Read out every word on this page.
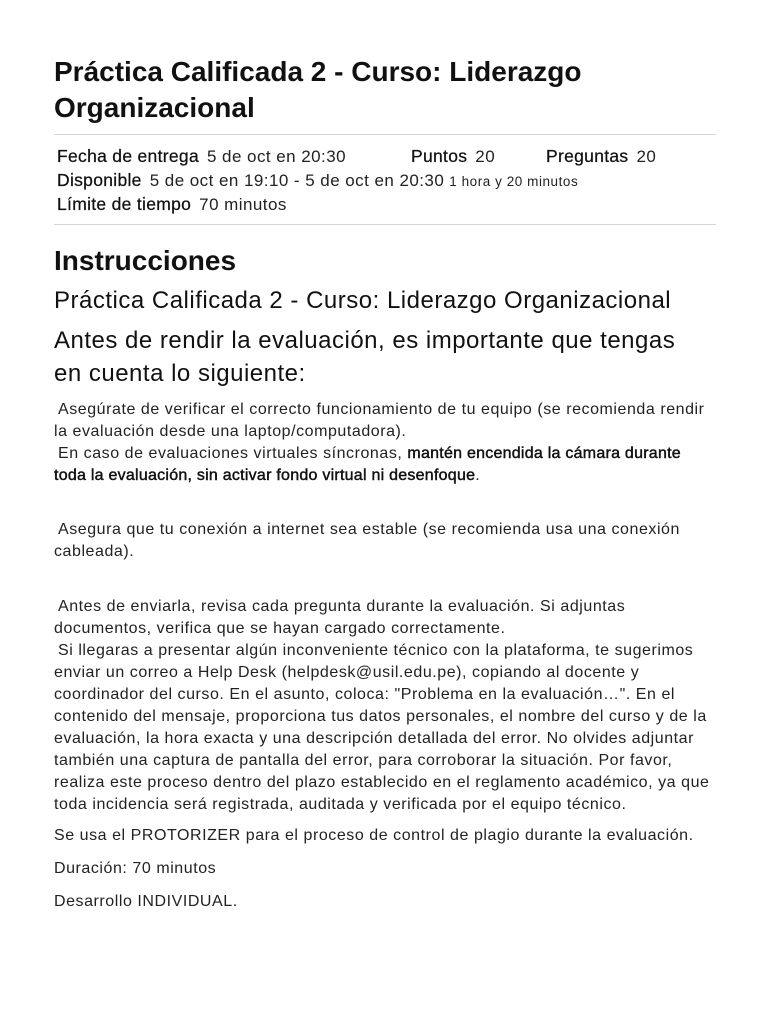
Práctica Calificada 2 - Curso: Liderazgo Organizacional
Fecha de entrega 5 de oct en 20:30	Puntos 20	Preguntas 20
Disponible 5 de oct en 19:10 - 5 de oct en 20:30 1 hora y 20 minutos
Límite de tiempo 70 minutos
Instrucciones
Práctica Calificada 2 - Curso: Liderazgo Organizacional
Antes de rendir la evaluación, es importante que tengas
en cuenta lo siguiente:
Asegúrate de verificar el correcto funcionamiento de tu equipo (se recomienda rendir
la evaluación desde una laptop/computadora).
En caso de evaluaciones virtuales síncronas, mantén encendida la cámara durante
toda la evaluación, sin activar fondo virtual ni desenfoque.
Asegura que tu conexión a internet sea estable (se recomienda usa una conexión
cableada).
Antes de enviarla, revisa cada pregunta durante la evaluación. Si adjuntas
documentos, verifica que se hayan cargado correctamente.
Si llegaras a presentar algún inconveniente técnico con la plataforma, te sugerimos
enviar un correo a Help Desk (helpdesk@usil.edu.pe), copiando al docente y
coordinador del curso. En el asunto, coloca: "Problema en la evaluación…". En el
contenido del mensaje, proporciona tus datos personales, el nombre del curso y de la
evaluación, la hora exacta y una descripción detallada del error. No olvides adjuntar
también una captura de pantalla del error, para corroborar la situación. Por favor,
realiza este proceso dentro del plazo establecido en el reglamento académico, ya que
toda incidencia será registrada, auditada y verificada por el equipo técnico.
Se usa el PROTORIZER para el proceso de control de plagio durante la evaluación.
Duración: 70 minutos
Desarrollo INDIVIDUAL.
